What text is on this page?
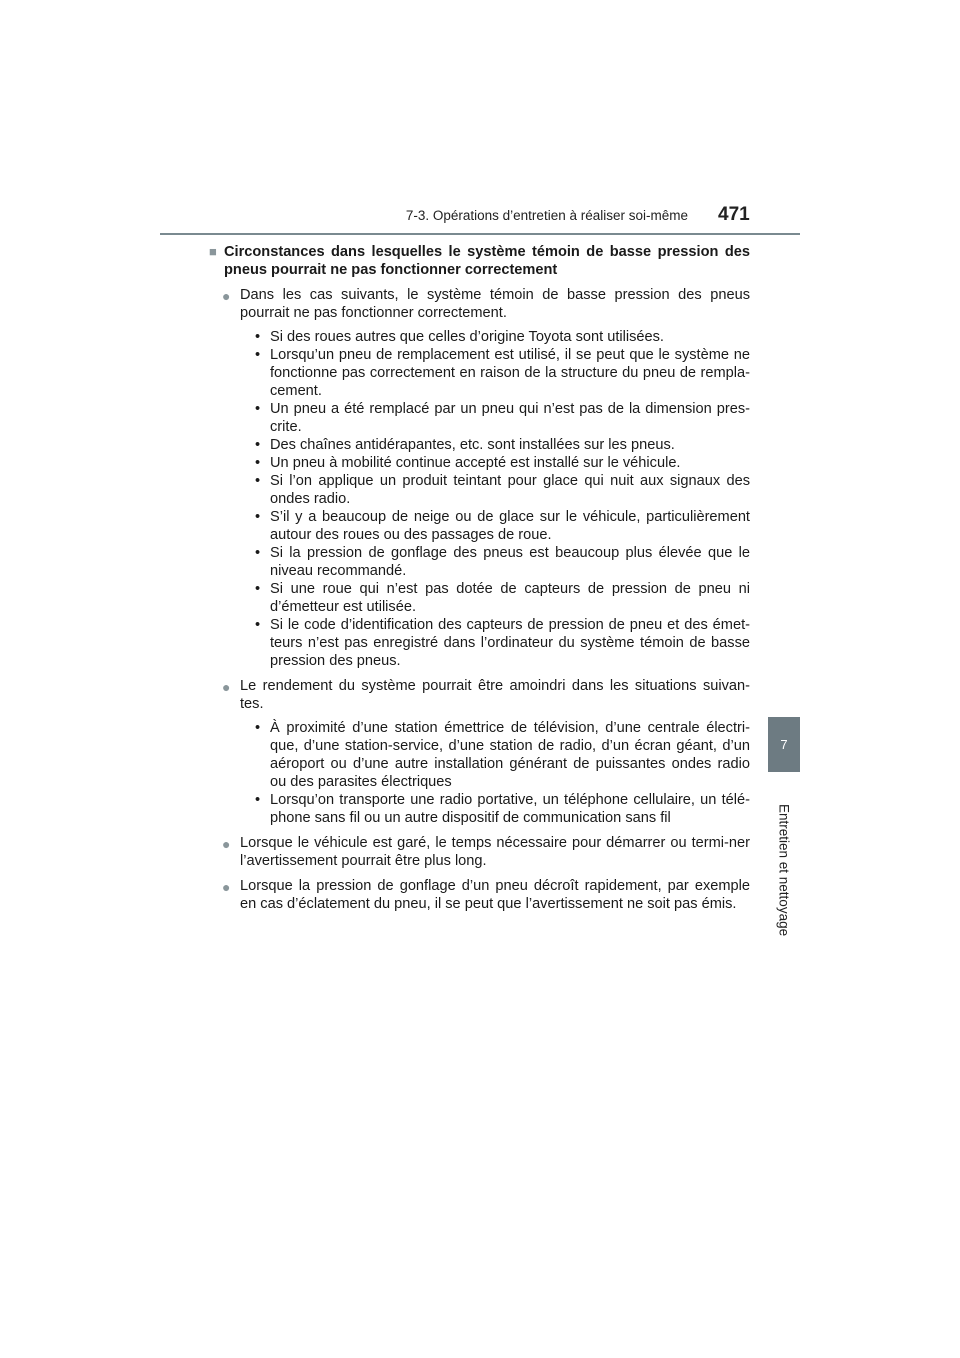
7-3. Opérations d’entretien à réaliser soi-même 471
7
Entretien et nettoyage
■ Circonstances dans lesquelles le système témoin de basse pression des pneus pourrait ne pas fonctionner correctement
● Dans les cas suivants, le système témoin de basse pression des pneus pourrait ne pas fonctionner correctement.
• Si des roues autres que celles d’origine Toyota sont utilisées.
• Lorsqu’un pneu de remplacement est utilisé, il se peut que le système ne fonctionne pas correctement en raison de la structure du pneu de rempla-cement.
• Un pneu a été remplacé par un pneu qui n’est pas de la dimension pres-crite.
• Des chaînes antidérapantes, etc. sont installées sur les pneus.
• Un pneu à mobilité continue accepté est installé sur le véhicule.
• Si l’on applique un produit teintant pour glace qui nuit aux signaux des ondes radio.
• S’il y a beaucoup de neige ou de glace sur le véhicule, particulièrement autour des roues ou des passages de roue.
• Si la pression de gonflage des pneus est beaucoup plus élevée que le niveau recommandé.
• Si une roue qui n’est pas dotée de capteurs de pression de pneu ni d’émetteur est utilisée.
• Si le code d’identification des capteurs de pression de pneu et des émet-teurs n’est pas enregistré dans l’ordinateur du système témoin de basse pression des pneus.
● Le rendement du système pourrait être amoindri dans les situations suivan-tes.
• À proximité d’une station émettrice de télévision, d’une centrale électri-que, d’une station-service, d’une station de radio, d’un écran géant, d’un aéroport ou d’une autre installation générant de puissantes ondes radio ou des parasites électriques
• Lorsqu’on transporte une radio portative, un téléphone cellulaire, un télé-phone sans fil ou un autre dispositif de communication sans fil
● Lorsque le véhicule est garé, le temps nécessaire pour démarrer ou termi-ner l’avertissement pourrait être plus long.
● Lorsque la pression de gonflage d’un pneu décroît rapidement, par exemple en cas d’éclatement du pneu, il se peut que l’avertissement ne soit pas émis.
